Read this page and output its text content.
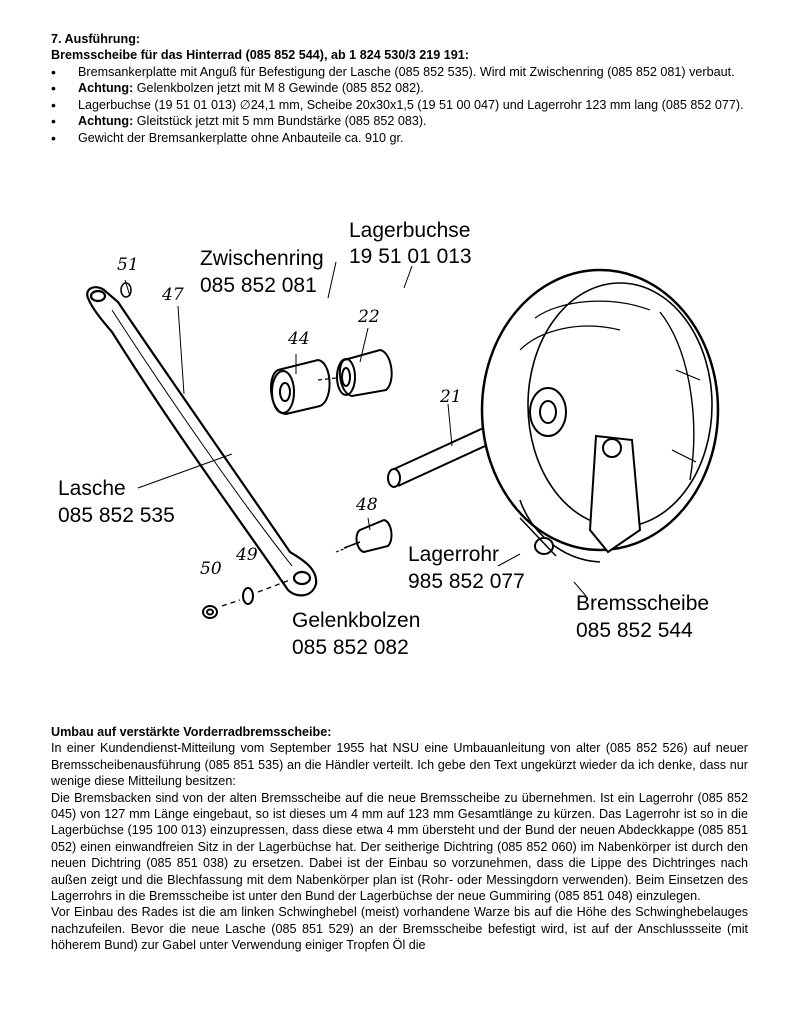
7. Ausführung:
Bremsscheibe für das Hinterrad (085 852 544), ab 1 824 530/3 219 191:
• Bremsankerplatte mit Anguß für Befestigung der Lasche (085 852 535). Wird mit Zwischenring (085 852 081) verbaut.
• Achtung: Gelenkbolzen jetzt mit M 8 Gewinde (085 852 082).
• Lagerbuchse (19 51 01 013) ∅24,1 mm, Scheibe 20x30x1,5 (19 51 00 047) und Lagerrohr 123 mm lang (085 852 077).
• Achtung: Gleitstück jetzt mit 5 mm Bundstärke (085 852 083).
• Gewicht der Bremsankerplatte ohne Anbauteile ca. 910 gr.
51
47
44
22
21
48
50
49
Lagerbuchse
19 51 01 013
Zwischenring
085 852 081
Lasche
085 852 535
Lagerrohr
985 852 077
Bremsscheibe
085 852 544
Gelenkbolzen
085 852 082
Umbau auf verstärkte Vorderradbremsscheibe:

In einer Kundendienst-Mitteilung vom September 1955 hat NSU eine Umbauanleitung von alter (085 852 526) auf neuer Bremsscheibenausführung (085 851 535) an die Händler verteilt. Ich gebe den Text ungekürzt wieder da ich denke, dass nur wenige diese Mitteilung besitzen:

Die Bremsbacken sind von der alten Bremsscheibe auf die neue Bremsscheibe zu übernehmen. Ist ein Lagerrohr (085 852 045) von 127 mm Länge eingebaut, so ist dieses um 4 mm auf 123 mm Gesamtlänge zu kürzen. Das Lagerrohr ist so in die Lagerbüchse (195 100 013) einzupressen, dass diese etwa 4 mm übersteht und der Bund der neuen Abdeckkappe (085 851 052) einen einwandfreien Sitz in der Lagerbüchse hat. Der seitherige Dichtring (085 852 060) im Nabenkörper ist durch den neuen Dichtring (085 851 038) zu ersetzen. Dabei ist der Einbau so vorzunehmen, dass die Lippe des Dichtringes nach außen zeigt und die Blechfassung mit dem Nabenkörper plan ist (Rohr- oder Messingdorn verwenden). Beim Einsetzen des Lagerrohrs in die Bremsscheibe ist unter den Bund der Lagerbüchse der neue Gummiring (085 851 048) einzulegen.

Vor Einbau des Rades ist die am linken Schwinghebel (meist) vorhandene Warze bis auf die Höhe des Schwinghebelauges nachzufeilen. Bevor die neue Lasche (085 851 529) an der Bremsscheibe befestigt wird, ist auf der Anschlussseite (mit höherem Bund) zur Gabel unter Verwendung einiger Tropfen Öl die
